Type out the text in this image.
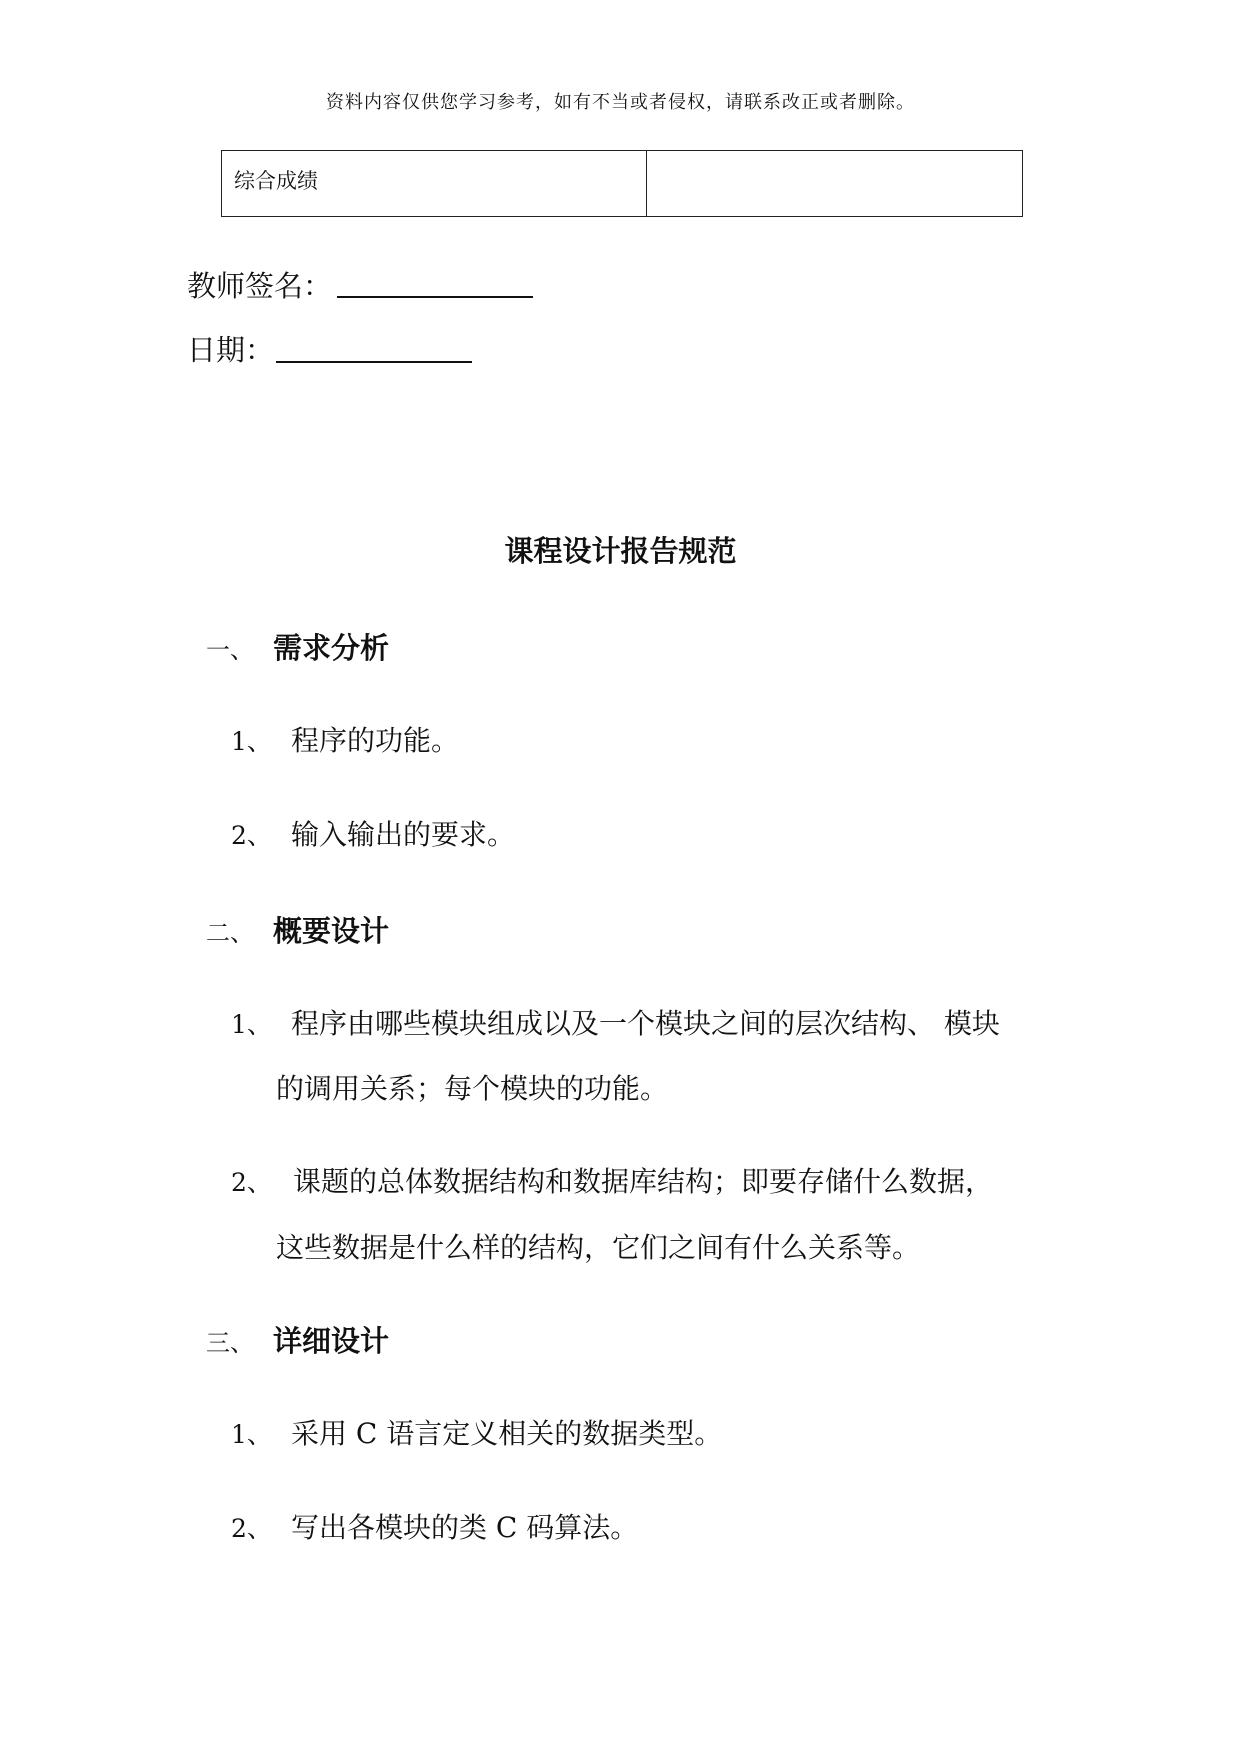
资料内容仅供您学习参考，如有不当或者侵权，请联系改正或者删除。
综合成绩	
教师签名：
日期：
课程设计报告规范
一、 需求分析
1、 程序的功能。
2、 输入输出的要求。
二、 概要设计
1、 程序由哪些模块组成以及一个模块之间的层次结构、 模块
的调用关系；每个模块的功能。
2、 课题的总体数据结构和数据库结构；即要存储什么数据，
这些数据是什么样的结构，它们之间有什么关系等。
三、 详细设计
1、 采用 C 语言定义相关的数据类型。
2、 写出各模块的类 C 码算法。
